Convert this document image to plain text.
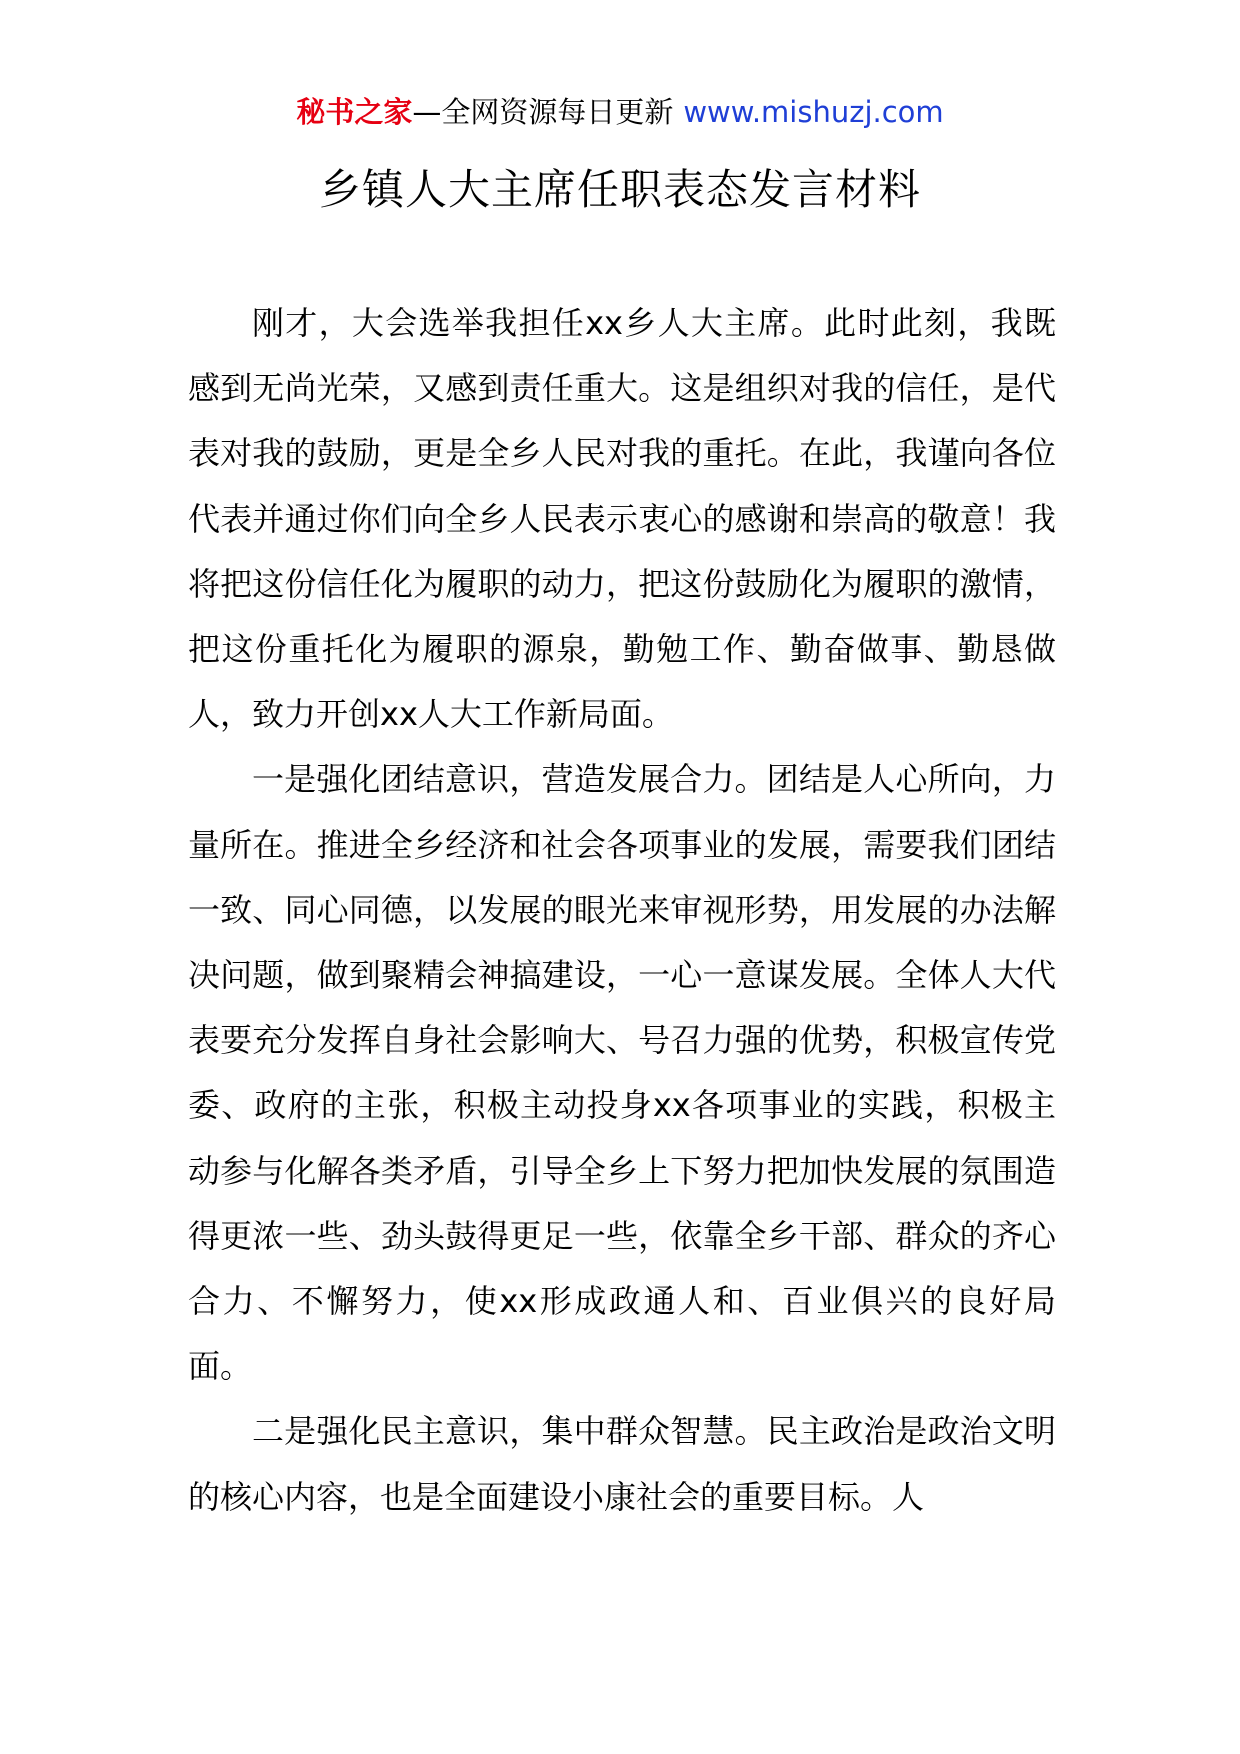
秘书之家—全网资源每日更新 www.mishuzj.com
乡镇人大主席任职表态发言材料

刚才，大会选举我担任xx乡人大主席。此时此刻，我既感到无尚光荣，又感到责任重大。这是组织对我的信任，是代表对我的鼓励，更是全乡人民对我的重托。在此，我谨向各位代表并通过你们向全乡人民表示衷心的感谢和崇高的敬意！我将把这份信任化为履职的动力，把这份鼓励化为履职的激情，把这份重托化为履职的源泉，勤勉工作、勤奋做事、勤恳做人，致力开创xx人大工作新局面。

一是强化团结意识，营造发展合力。团结是人心所向，力量所在。推进全乡经济和社会各项事业的发展，需要我们团结一致、同心同德，以发展的眼光来审视形势，用发展的办法解决问题，做到聚精会神搞建设，一心一意谋发展。全体人大代表要充分发挥自身社会影响大、号召力强的优势，积极宣传党委、政府的主张，积极主动投身xx各项事业的实践，积极主动参与化解各类矛盾，引导全乡上下努力把加快发展的氛围造得更浓一些、劲头鼓得更足一些，依靠全乡干部、群众的齐心合力、不懈努力，使xx形成政通人和、百业俱兴的良好局面。

二是强化民主意识，集中群众智慧。民主政治是政治文明的核心内容，也是全面建设小康社会的重要目标。人
